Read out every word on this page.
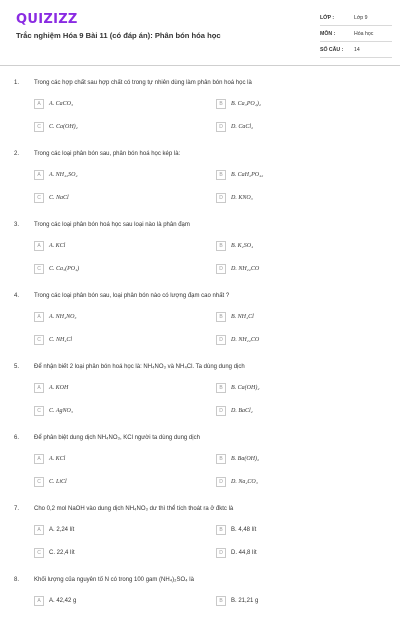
QUIZIZZ
Trắc nghiệm Hóa 9 Bài 11 (có đáp án): Phân bón hóa học
LỚP :	Lớp 9
MÔN :	Hóa học
SỐ CÂU :	14
1. Trong các hợp chất sau hợp chất có trong tự nhiên dùng làm phân bón hoá học là
A	A. CaCO₃	B	B. Ca₃PO₄)₂
C	C. Ca(OH)₂	D	D. CaCl₂
2. Trong các loại phân bón sau, phân bón hoá học kép là:
A	A. NH₄₂SO₄	B	B. CaH₂PO₄₂
C	C. NaCl	D	D. KNO₃
3. Trong các loại phân bón hoá học sau loại nào là phân đạm
A	A. KCl	B	B. K₂SO₄
C	C. Ca₃(PO₄)	D	D. NH₂₂CO
4. Trong các loại phân bón sau, loại phân bón nào có lượng đạm cao nhất ?
A	A. NH₄NO₃	B	B. NH₄Cl
C	C. NH₄Cl	D	D. NH₂₂CO
5. Để nhận biết 2 loại phân bón hoá học là: NH₄NO₃ và NH₄Cl. Ta dùng dung dịch
A	A. KOH	B	B. Ca(OH)₂
C	C. AgNO₃	D	D. BaCl₂
6. Để phân biệt dung dịch NH₄NO₃, KCl người ta dùng dung dịch
A	A. KCl	B	B. Ba(OH)₂
C	C. LiCl	D	D. Na₂CO₃
7. Cho 0,2 mol NaOH vào dung dịch NH₄NO₃ dư thì thể tích thoát ra ở đktc là
A	A. 2,24 lít	B	B. 4,48 lít
C	C. 22,4 lít	D	D. 44,8 lít
8. Khối lượng của nguyên tố N có trong 100 gam (NH₄)₂SO₄ là
A	A. 42,42 g	B	B. 21,21 g
